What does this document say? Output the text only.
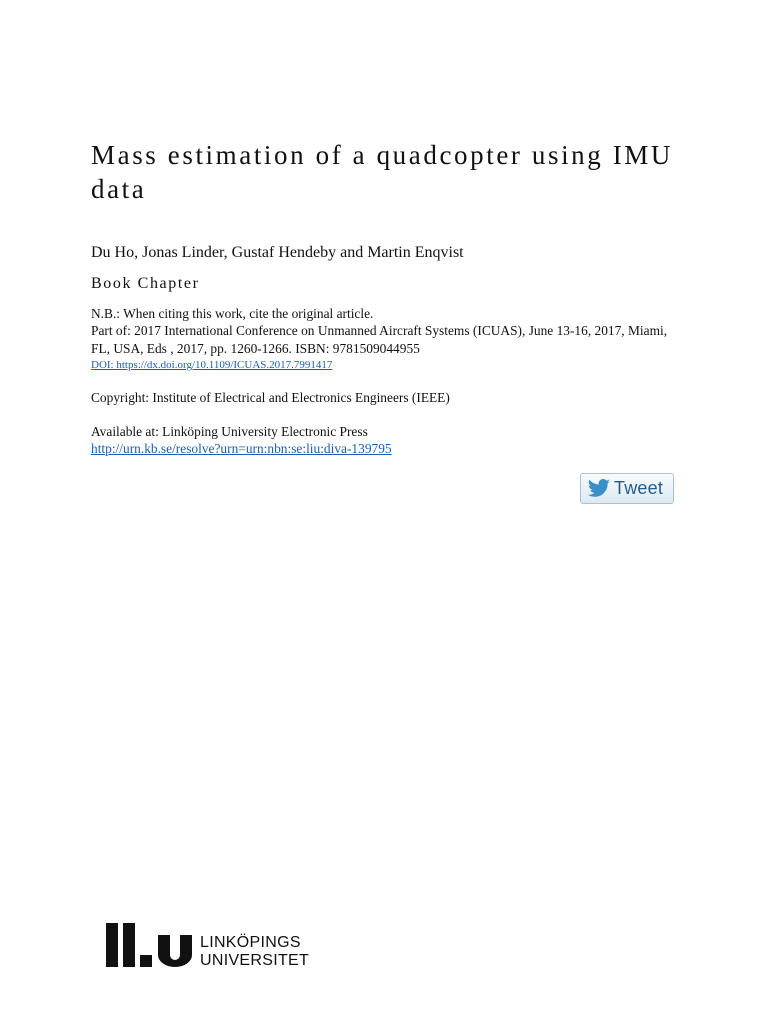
Mass estimation of a quadcopter using IMU data

Du Ho, Jonas Linder, Gustaf Hendeby and Martin Enqvist

Book Chapter

N.B.: When citing this work, cite the original article.

Part of: 2017 International Conference on Unmanned Aircraft Systems (ICUAS), June 13-16, 2017, Miami, FL, USA, Eds , 2017, pp. 1260-1266. ISBN: 9781509044955

DOI: https://dx.doi.org/10.1109/ICUAS.2017.7991417

Copyright: Institute of Electrical and Electronics Engineers (IEEE)

Available at: Linköping University Electronic Press

http://urn.kb.se/resolve?urn=urn:nbn:se:liu:diva-139795
Tweet
LINKÖPINGS
UNIVERSITET
